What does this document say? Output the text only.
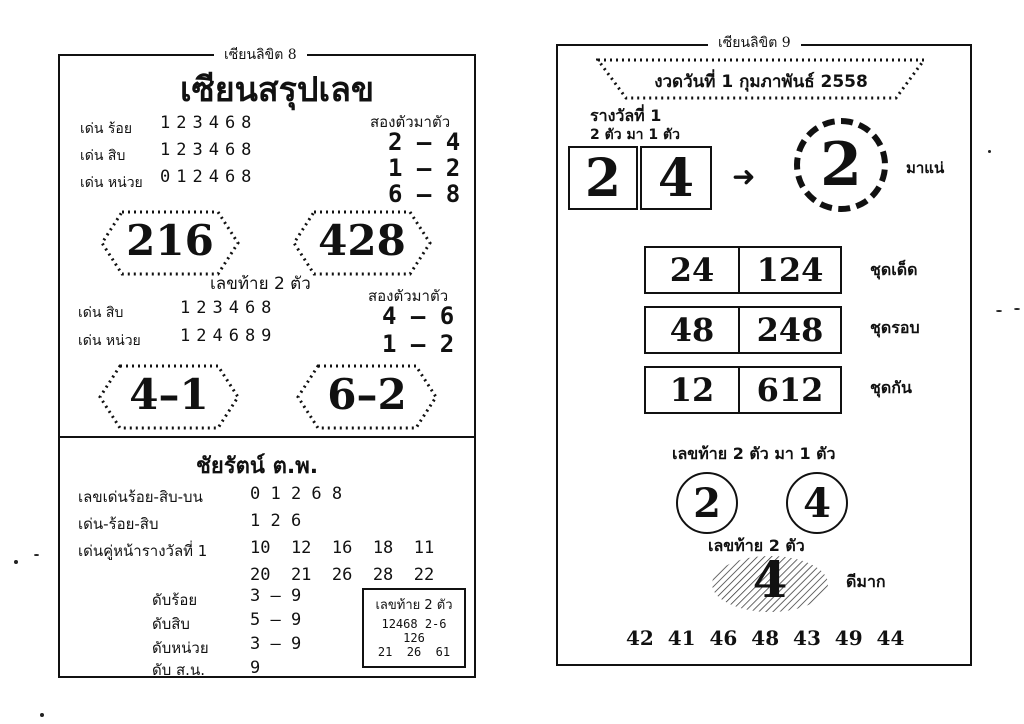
เซียนลิขิต 8
เซียนสรุปเลข
เด่น ร้อย 123468
เด่น สิบ 123468
เด่น หน่วย 012468
สองตัวมาตัว
2 – 4
1 – 2
6 – 8
216	428
เลขท้าย 2 ตัว
สองตัวมาตัว
เด่น สิบ	123468
เด่น หน่วย 124689
4 – 6
1 – 2
4–1	6–2
ชัยรัตน์ ต.พ.
เลขเด่นร้อย-สิบ-บน	0 1 2 6 8
เด่น-ร้อย-สิบ	1 2 6
เด่นคู่หน้ารางวัลที่ 1	10  12  16  18  11
20  21  26  28  22
ดับร้อย	3 – 9
ดับสิบ	5 – 9
ดับหน่วย 3 – 9
ดับ ส.น.	9
เลขท้าย 2 ตัว
12468 2-6
126
21  26  61
เซียนลิขิต 9
งวดวันที่ 1 กุมภาพันธ์ 2558
รางวัลที่ 1
2 ตัว มา 1 ตัว
2 4	➜	2	มาแน่
24	124	ชุดเด็ด
48	248	ชุดรอบ
12	612	ชุดกัน
เลขท้าย 2 ตัว มา 1 ตัว
2	4
เลขท้าย 2 ตัว
4	ดีมาก
42  41  46  48  43  49  44
